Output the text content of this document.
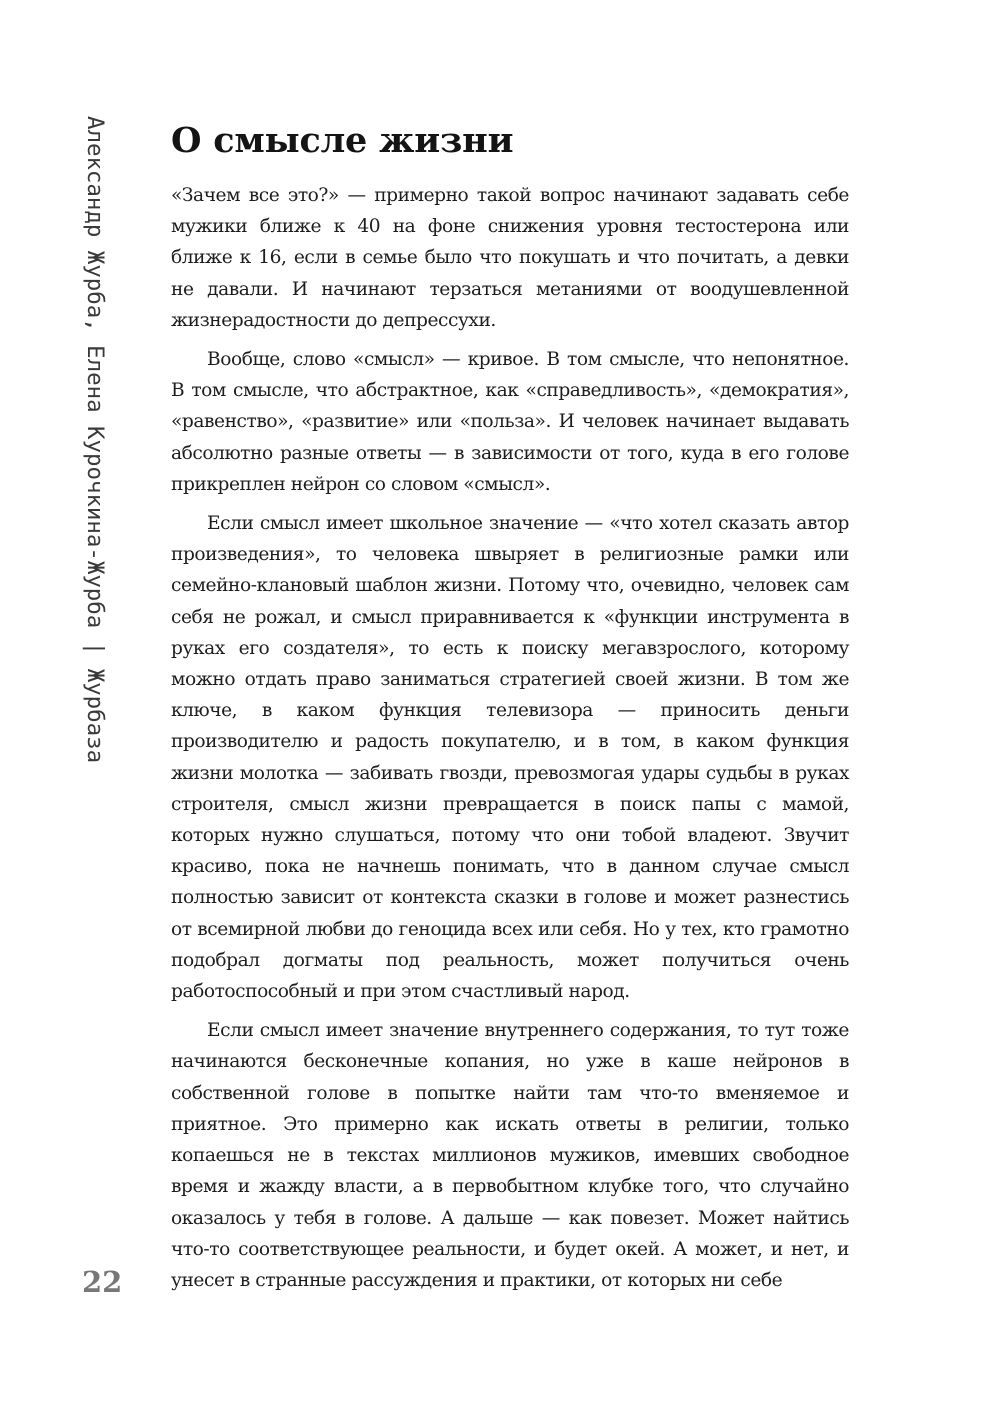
Александр Журба, Елена Курочкина-Журба | Журбаза
22
О смысле жизни

«Зачем все это?» — примерно такой вопрос начинают задавать себе мужики ближе к 40 на фоне снижения уровня тестостерона или ближе к 16, если в семье было что покушать и что почитать, а девки не давали. И начинают терзаться метаниями от воодушевленной жизнерадостности до депрессухи.

Вообще, слово «смысл» — кривое. В том смысле, что непонятное. В том смысле, что абстрактное, как «справедливость», «демократия», «равенство», «развитие» или «польза». И человек начинает выдавать абсолютно разные ответы — в зависимости от того, куда в его голове прикреплен нейрон со словом «смысл».

Если смысл имеет школьное значение — «что хотел сказать автор произведения», то человека швыряет в религиозные рамки или семейно-клановый шаблон жизни. Потому что, очевидно, человек сам себя не рожал, и смысл приравнивается к «функции инструмента в руках его создателя», то есть к поиску мегавзрослого, которому можно отдать право заниматься стратегией своей жизни. В том же ключе, в каком функция телевизора — приносить деньги производителю и радость покупателю, и в том, в каком функция жизни молотка — забивать гвозди, превозмогая удары судьбы в руках строителя, смысл жизни превращается в поиск папы с мамой, которых нужно слушаться, потому что они тобой владеют. Звучит красиво, пока не начнешь понимать, что в данном случае смысл полностью зависит от контекста сказки в голове и может разнестись от всемирной любви до геноцида всех или себя. Но у тех, кто грамотно подобрал догматы под реальность, может получиться очень работоспособный и при этом счастливый народ.

Если смысл имеет значение внутреннего содержания, то тут тоже начинаются бесконечные копания, но уже в каше нейронов в собственной голове в попытке найти там что-то вменяемое и приятное. Это примерно как искать ответы в религии, только копаешься не в текстах миллионов мужиков, имевших свободное время и жажду власти, а в первобытном клубке того, что случайно оказалось у тебя в голове. А дальше — как повезет. Может найтись что-то соответствующее реальности, и будет окей. А может, и нет, и унесет в странные рассуждения и практики, от которых ни себе
